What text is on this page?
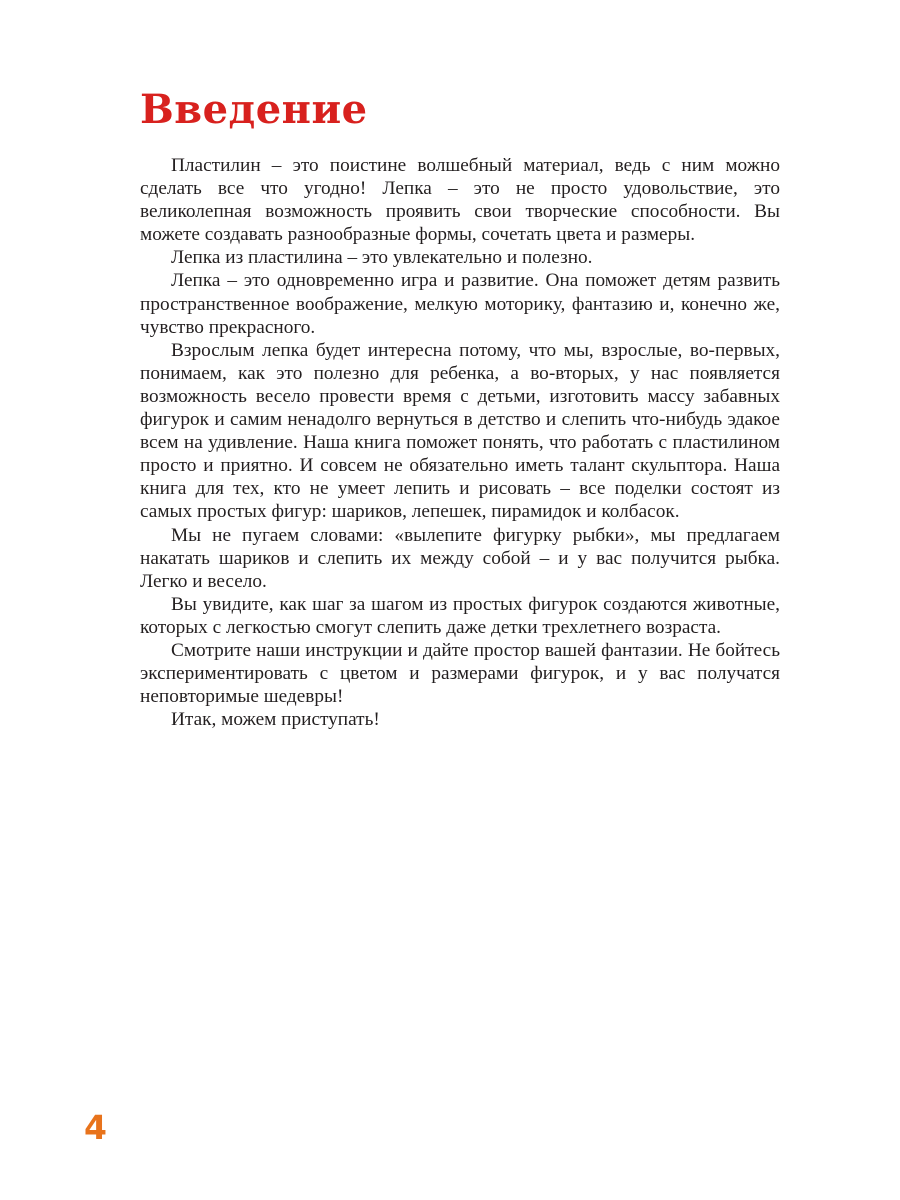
Введение

Пластилин – это поистине волшебный материал, ведь с ним можно сделать все что угодно! Лепка – это не просто удовольствие, это великолепная возможность проявить свои творческие способности. Вы можете создавать разнообразные формы, сочетать цвета и размеры.

Лепка из пластилина – это увлекательно и полезно.

Лепка – это одновременно игра и развитие. Она поможет детям развить пространственное воображение, мелкую моторику, фантазию и, конечно же, чувство прекрасного.

Взрослым лепка будет интересна потому, что мы, взрослые, во-первых, понимаем, как это полезно для ребенка, а во-вторых, у нас появляется возможность весело провести время с детьми, изготовить массу забавных фигурок и самим ненадолго вернуться в детство и слепить что-нибудь эдакое всем на удивление. Наша книга поможет понять, что работать с пластилином просто и приятно. И совсем не обязательно иметь талант скульптора. Наша книга для тех, кто не умеет лепить и рисовать – все поделки состоят из самых простых фигур: шариков, лепешек, пирамидок и колбасок.

Мы не пугаем словами: «вылепите фигурку рыбки», мы предлагаем накатать шариков и слепить их между собой – и у вас получится рыбка. Легко и весело.

Вы увидите, как шаг за шагом из простых фигурок создаются животные, которых с легкостью смогут слепить даже детки трехлетнего возраста.

Смотрите наши инструкции и дайте простор вашей фантазии. Не бойтесь экспериментировать с цветом и размерами фигурок, и у вас получатся неповторимые шедевры!

Итак, можем приступать!

4
